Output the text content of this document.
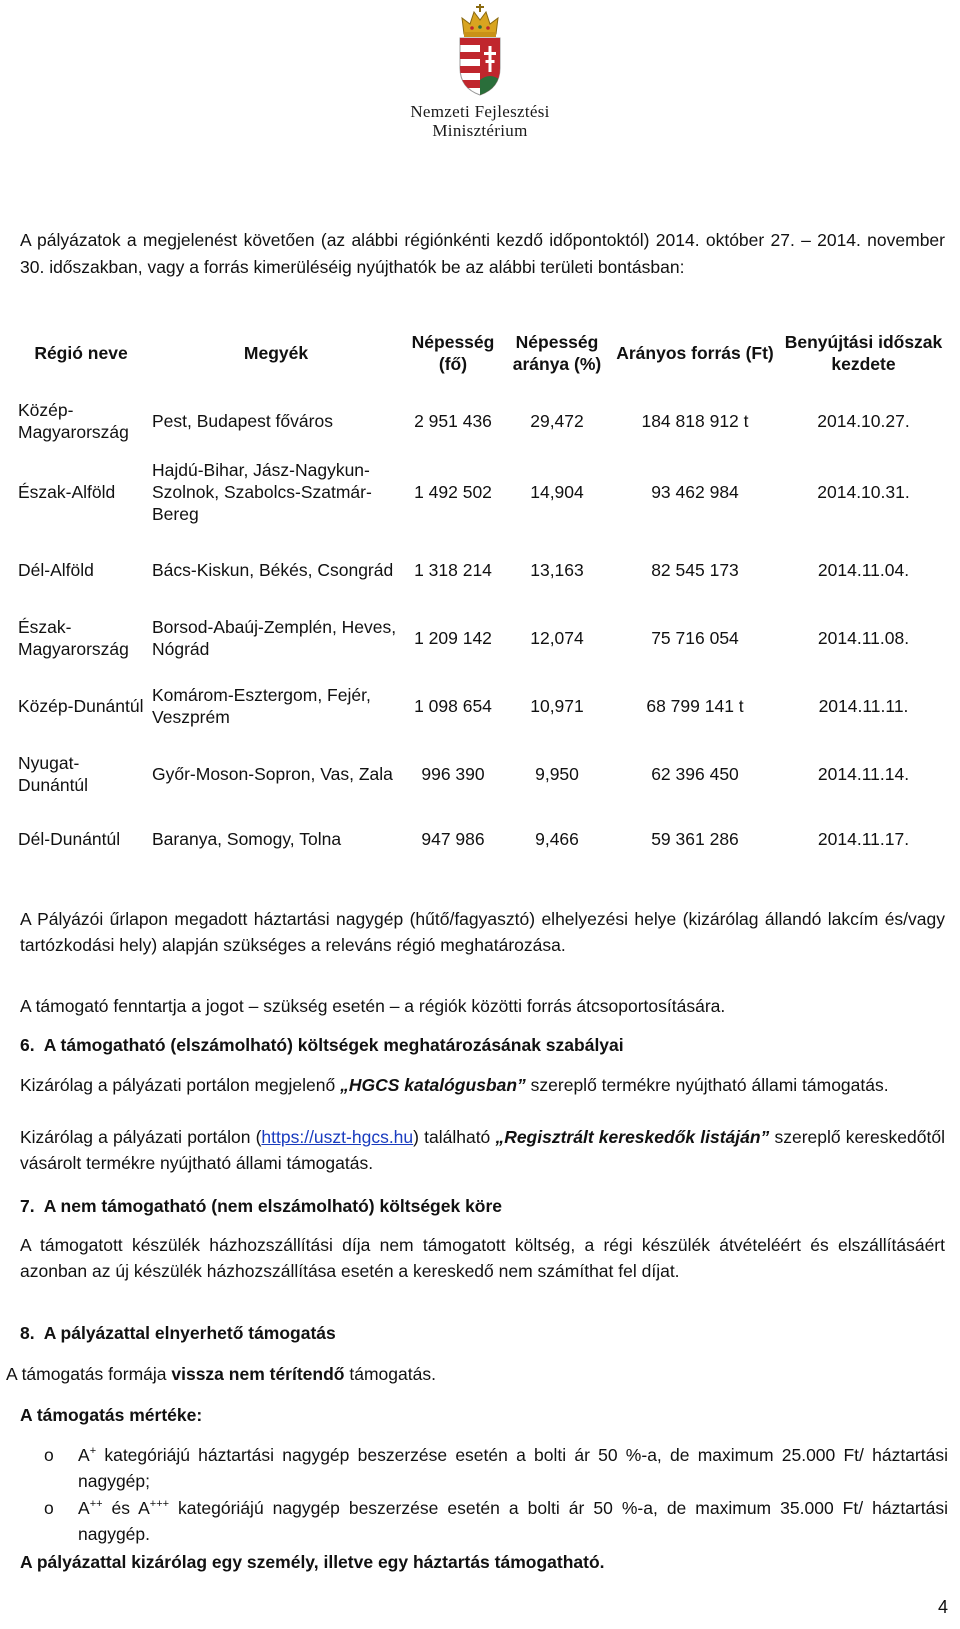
Nemzeti Fejlesztési
Minisztérium
A pályázatok a megjelenést követően (az alábbi régiónkénti kezdő időpontoktól) 2014. október 27. – 2014. november 30. időszakban, vagy a forrás kimerüléséig nyújthatók be az alábbi területi bontásban:
Régió neve	Megyék	Népesség (fő)	Népesség aránya (%)	Arányos forrás (Ft)	Benyújtási időszak kezdete
Közép-Magyarország	Pest, Budapest főváros	2 951 436	29,472	184 818 912 t	2014.10.27.
Észak-Alföld	Hajdú-Bihar, Jász-Nagykun-Szolnok, Szabolcs-Szatmár-Bereg	1 492 502	14,904	93 462 984	2014.10.31.
Dél-Alföld	Bács-Kiskun, Békés, Csongrád	1 318 214	13,163	82 545 173	2014.11.04.
Észak-Magyarország	Borsod-Abaúj-Zemplén, Heves, Nógrád	1 209 142	12,074	75 716 054	2014.11.08.
Közép-Dunántúl	Komárom-Esztergom, Fejér, Veszprém	1 098 654	10,971	68 799 141 t	2014.11.11.
Nyugat-Dunántúl	Győr-Moson-Sopron, Vas, Zala	996 390	9,950	62 396 450	2014.11.14.
Dél-Dunántúl	Baranya, Somogy, Tolna	947 986	9,466	59 361 286	2014.11.17.
A Pályázói űrlapon megadott háztartási nagygép (hűtő/fagyasztó) elhelyezési helye (kizárólag állandó lakcím és/vagy tartózkodási hely) alapján szükséges a releváns régió meghatározása.
A támogató fenntartja a jogot – szükség esetén – a régiók közötti forrás átcsoportosítására.
6. A támogatható (elszámolható) költségek meghatározásának szabályai
Kizárólag a pályázati portálon megjelenő „HGCS katalógusban” szereplő termékre nyújtható állami támogatás.
Kizárólag a pályázati portálon (https://uszt-hgcs.hu) található „Regisztrált kereskedők listáján” szereplő kereskedőtől vásárolt termékre nyújtható állami támogatás.
7. A nem támogatható (nem elszámolható) költségek köre
A támogatott készülék házhozszállítási díja nem támogatott költség, a régi készülék átvételéért és elszállításáért azonban az új készülék házhozszállítása esetén a kereskedő nem számíthat fel díjat.
8. A pályázattal elnyerhető támogatás
A támogatás formája vissza nem térítendő támogatás.
A támogatás mértéke:
o A+ kategóriájú háztartási nagygép beszerzése esetén a bolti ár 50 %-a, de maximum 25.000 Ft/ háztartási nagygép;
o A++ és A+++ kategóriájú nagygép beszerzése esetén a bolti ár 50 %-a, de maximum 35.000 Ft/ háztartási nagygép.
A pályázattal kizárólag egy személy, illetve egy háztartás támogatható.
4
